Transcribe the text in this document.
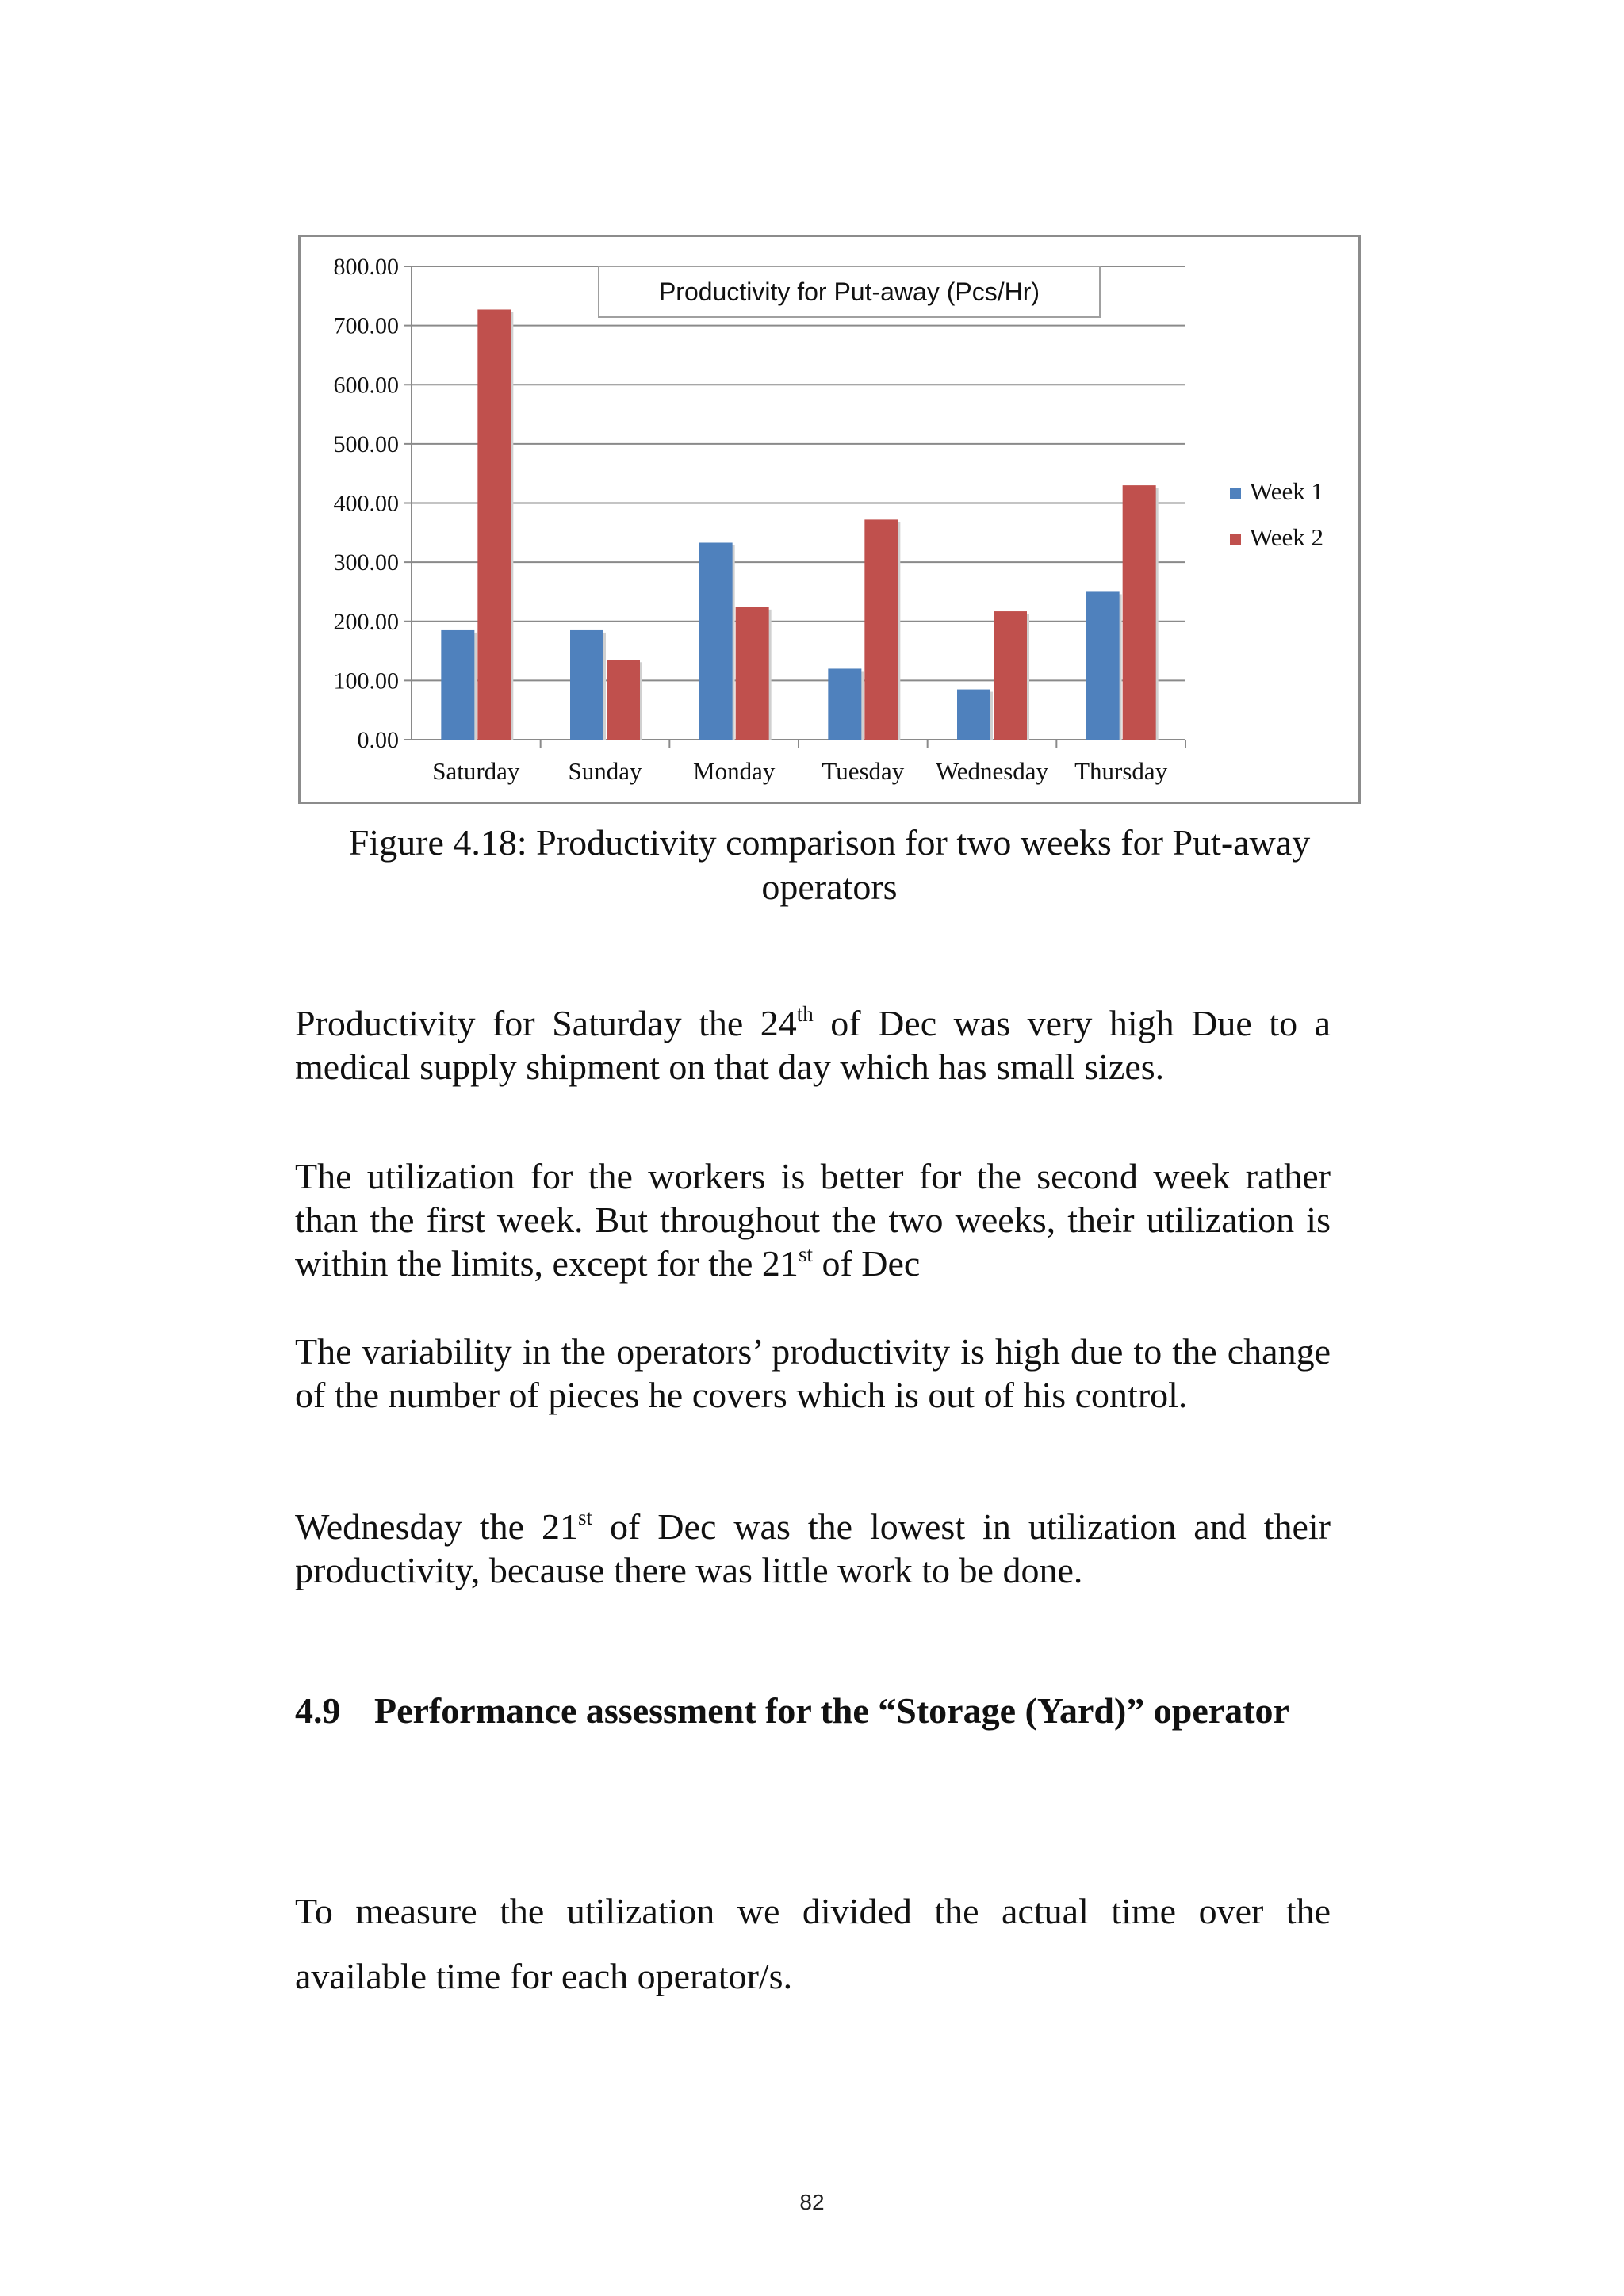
0.00
100.00
200.00
300.00
400.00
500.00
600.00
700.00
800.00
Saturday Sunday Monday Tuesday Wednesday Thursday
Productivity for Put-away (Pcs/Hr)
Week 1
Week 2
Figure 4.18: Productivity comparison for two weeks for Put-away
operators
Productivity for Saturday the 24th of Dec was very high Due to a medical supply shipment on that day which has small sizes.
The utilization for the workers is better for the second week rather than the first week. But throughout the two weeks, their utilization is within the limits, except for the 21st of Dec
The variability in the operators’ productivity is high due to the change of the number of pieces he covers which is out of his control.
Wednesday the 21st of Dec was the lowest in utilization and their productivity, because there was little work to be done.
4.9 Performance assessment for the “Storage (Yard)” operator
To measure the utilization we divided the actual time over the
available time for each operator/s.
82
